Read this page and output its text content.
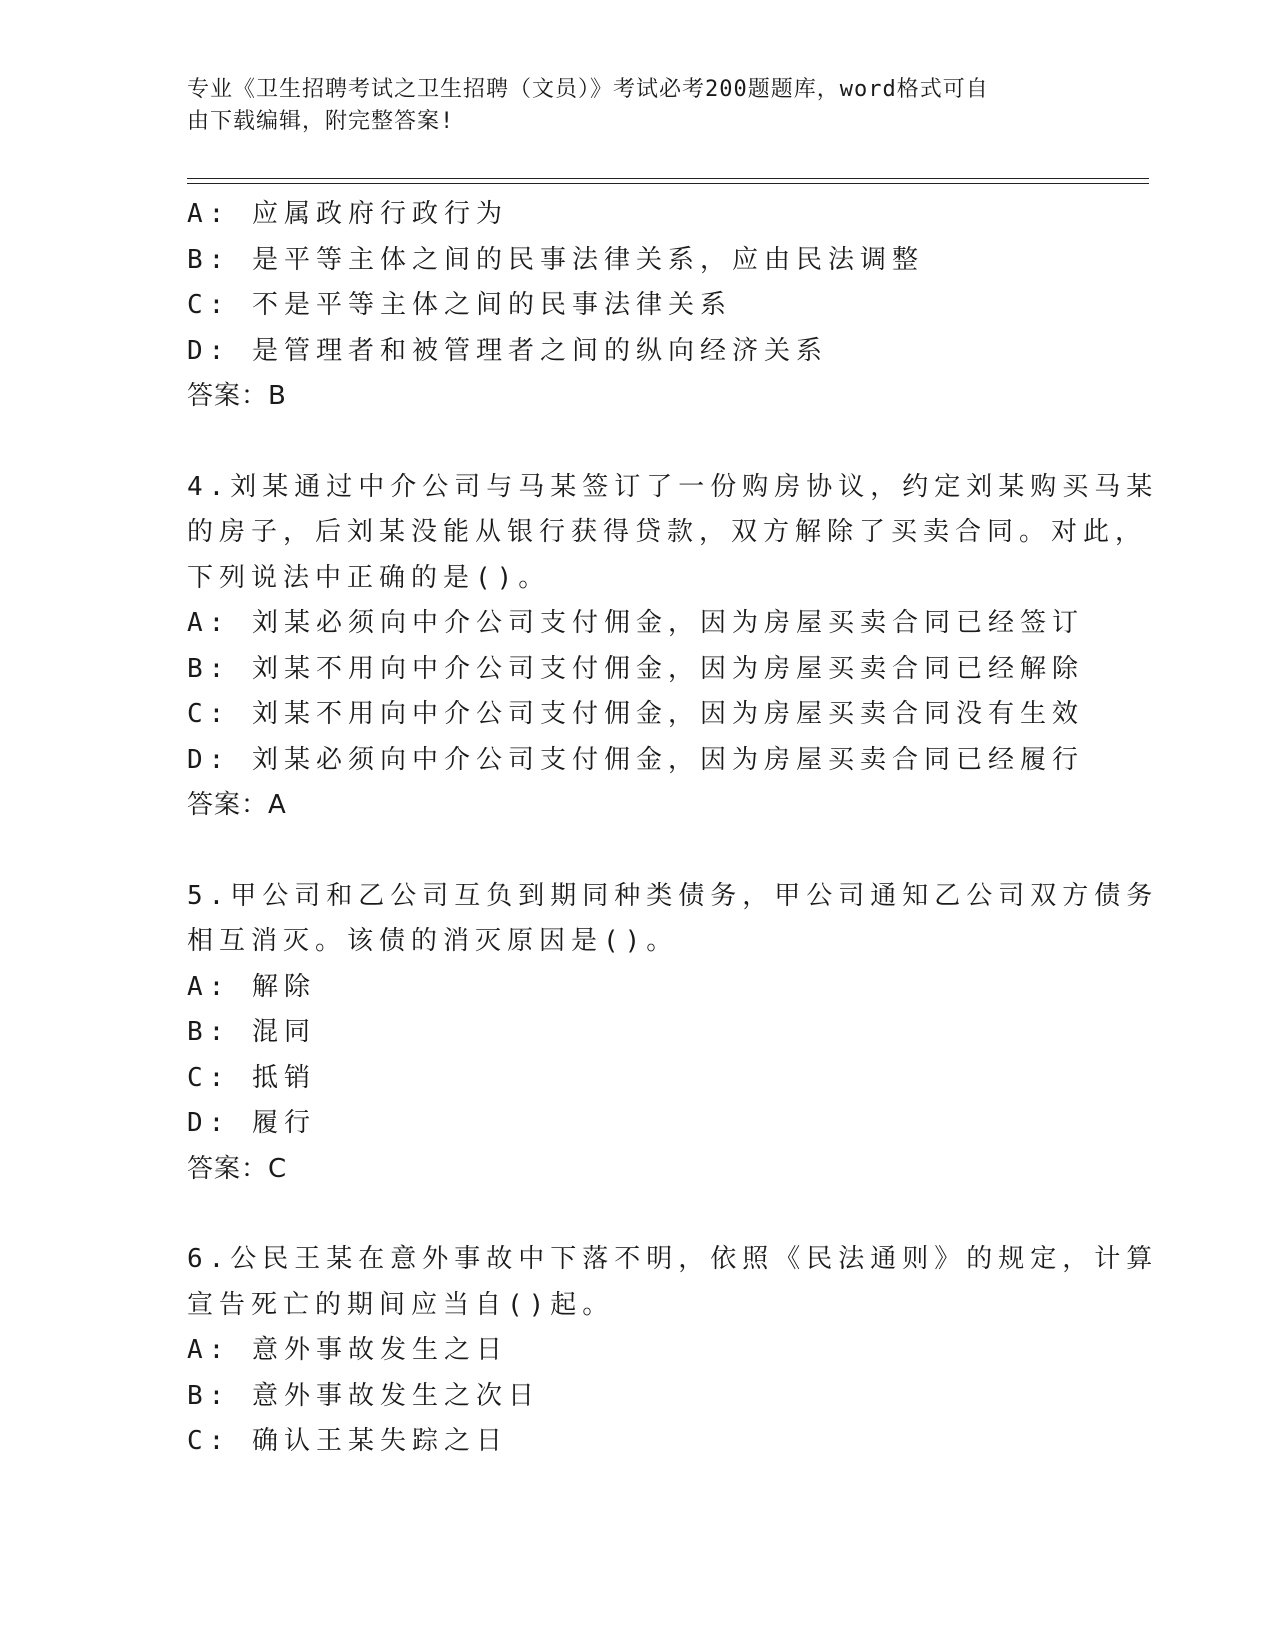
专业《卫生招聘考试之卫生招聘（文员）》考试必考200题题库，word格式可自
由下载编辑，附完整答案!
A: 应属政府行政行为
B: 是平等主体之间的民事法律关系，应由民法调整
C: 不是平等主体之间的民事法律关系
D: 是管理者和被管理者之间的纵向经济关系
答案：B
4.刘某通过中介公司与马某签订了一份购房协议，约定刘某购买马某
的房子，后刘某没能从银行获得贷款，双方解除了买卖合同。对此，
下列说法中正确的是()。
A: 刘某必须向中介公司支付佣金，因为房屋买卖合同已经签订
B: 刘某不用向中介公司支付佣金，因为房屋买卖合同已经解除
C: 刘某不用向中介公司支付佣金，因为房屋买卖合同没有生效
D: 刘某必须向中介公司支付佣金，因为房屋买卖合同已经履行
答案：A
5.甲公司和乙公司互负到期同种类债务，甲公司通知乙公司双方债务
相互消灭。该债的消灭原因是()。
A: 解除
B: 混同
C: 抵销
D: 履行
答案：C
6.公民王某在意外事故中下落不明，依照《民法通则》的规定，计算
宣告死亡的期间应当自()起。
A: 意外事故发生之日
B: 意外事故发生之次日
C: 确认王某失踪之日
